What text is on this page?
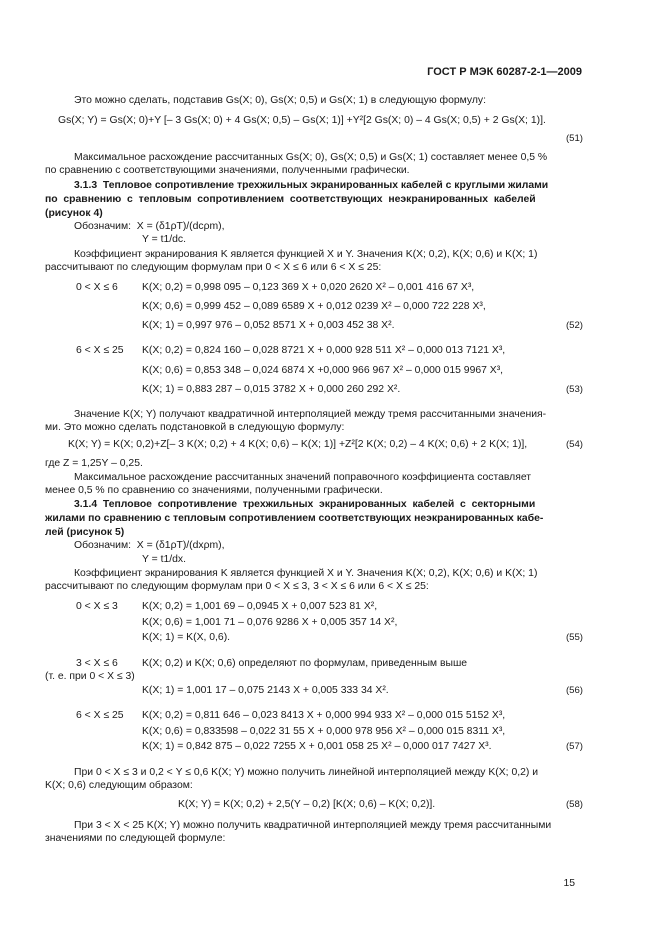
ГОСТ Р МЭК 60287-2-1—2009
Это можно сделать, подставив Gs(X; 0), Gs(X; 0,5) и Gs(X; 1) в следующую формулу:
Gs(X; Y) = Gs(X; 0)+Y [– 3 Gs(X; 0) + 4 Gs(X; 0,5) – Gs(X; 1)] +Y²[2 Gs(X; 0) – 4 Gs(X; 0,5) + 2 Gs(X; 1)].
Максимальное расхождение рассчитанных Gs(X; 0), Gs(X; 0,5) и Gs(X; 1) составляет менее 0,5 %
по сравнению с соответствующими значениями, полученными графически.
3.1.3  Тепловое сопротивление трехжильных экранированных кабелей с круглыми жилами
по  сравнению  с  тепловым  сопротивлением  соответствующих  неэкранированных  кабелей
(рисунок 4)
Обозначим:  X = (δ1ρT)/(dcρm),
Y = t1/dc.
Коэффициент экранирования K является функцией X и Y. Значения K(X; 0,2), K(X; 0,6) и K(X; 1)
рассчитывают по следующим формулам при 0 < X ≤ 6 или 6 < X ≤ 25:
0 < X ≤ 6 K(X; 0,2) = 0,998 095 – 0,123 369 X + 0,020 2620 X² – 0,001 416 67 X³,
K(X; 0,6) = 0,999 452 – 0,089 6589 X + 0,012 0239 X² – 0,000 722 228 X³,
K(X; 1) = 0,997 976 – 0,052 8571 X + 0,003 452 38 X².
6 < X ≤ 25 K(X; 0,2) = 0,824 160 – 0,028 8721 X + 0,000 928 511 X² – 0,000 013 7121 X³,
K(X; 0,6) = 0,853 348 – 0,024 6874 X +0,000 966 967 X² – 0,000 015 9967 X³,
K(X; 1) = 0,883 287 – 0,015 3782 X + 0,000 260 292 X².
Значение K(X; Y) получают квадратичной интерполяцией между тремя рассчитанными значения-
ми. Это можно сделать подстановкой в следующую формулу:
K(X; Y) = K(X; 0,2)+Z[– 3 K(X; 0,2) + 4 K(X; 0,6) – K(X; 1)] +Z²[2 K(X; 0,2) – 4 K(X; 0,6) + 2 K(X; 1)],
где Z = 1,25Y – 0,25.
Максимальное расхождение рассчитанных значений поправочного коэффициента составляет
менее 0,5 % по сравнению со значениями, полученными графически.
3.1.4  Тепловое  сопротивление  трехжильных  экранированных  кабелей  с  секторными
жилами по сравнению с тепловым сопротивлением соответствующих неэкранированных кабе-
лей (рисунок 5)
Обозначим:  X = (δ1ρT)/(dxρm),
Y = t1/dx.
Коэффициент экранирования K является функцией X и Y. Значения K(X; 0,2), K(X; 0,6) и K(X; 1)
рассчитывают по следующим формулам при 0 < X ≤ 3, 3 < X ≤ 6 или 6 < X ≤ 25:
0 < X ≤ 3 K(X; 0,2) = 1,001 69 – 0,0945 X + 0,007 523 81 X²,
K(X; 0,6) = 1,001 71 – 0,076 9286 X + 0,005 357 14 X²,
K(X; 1) = K(X, 0,6).
3 < X ≤ 6 K(X; 0,2) и K(X; 0,6) определяют по формулам, приведенным выше
(т. е. при 0 < X ≤ 3)
K(X; 1) = 1,001 17 – 0,075 2143 X + 0,005 333 34 X².
6 < X ≤ 25 K(X; 0,2) = 0,811 646 – 0,023 8413 X + 0,000 994 933 X² – 0,000 015 5152 X³,
K(X; 0,6) = 0,833598 – 0,022 31 55 X + 0,000 978 956 X² – 0,000 015 8311 X³,
K(X; 1) = 0,842 875 – 0,022 7255 X + 0,001 058 25 X² – 0,000 017 7427 X³.
При 0 < X ≤ 3 и 0,2 < Y ≤ 0,6 K(X; Y) можно получить линейной интерполяцией между K(X; 0,2) и
K(X; 0,6) следующим образом:
K(X; Y) = K(X; 0,2) + 2,5(Y – 0,2) [K(X; 0,6) – K(X; 0,2)].
При 3 < X < 25 K(X; Y) можно получить квадратичной интерполяцией между тремя рассчитанными
значениями по следующей формуле:
(51)
(52)
(53)
(54)
(55)
(56)
(57)
(58)
15
